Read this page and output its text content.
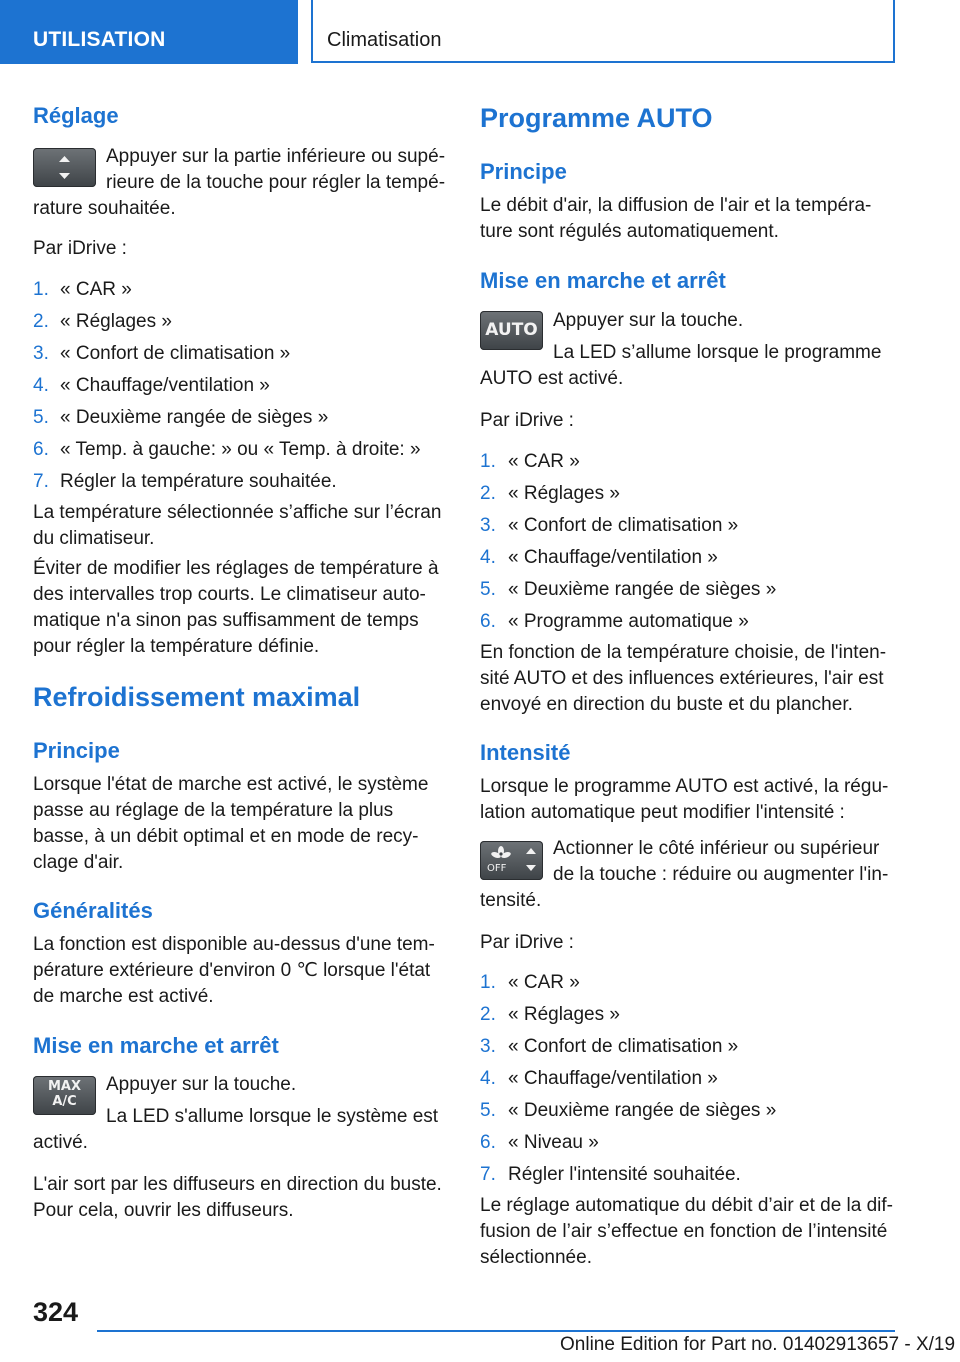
UTILISATION	Climatisation
Réglage
Appuyer sur la partie inférieure ou supé-
rieure de la touche pour régler la tempé-
rature souhaitée.
Par iDrive :
1. « CAR »
2. « Réglages »
3. « Confort de climatisation »
4. « Chauffage/ventilation »
5. « Deuxième rangée de sièges »
6. « Temp. à gauche: » ou « Temp. à droite: »
7. Régler la température souhaitée.
La température sélectionnée s’affiche sur l’écran
du climatiseur.
Éviter de modifier les réglages de température à
des intervalles trop courts. Le climatiseur auto-
matique n'a sinon pas suffisamment de temps
pour régler la température définie.
Refroidissement maximal
Principe
Lorsque l'état de marche est activé, le système
passe au réglage de la température la plus
basse, à un débit optimal et en mode de recy-
clage d'air.
Généralités
La fonction est disponible au-dessus d'une tem-
pérature extérieure d'environ 0 ℃ lorsque l'état
de marche est activé.
Mise en marche et arrêt
MAX
A/C
Appuyer sur la touche.
La LED s'allume lorsque le système est
activé.
L'air sort par les diffuseurs en direction du buste.
Pour cela, ouvrir les diffuseurs.
Programme AUTO
Principe
Le débit d'air, la diffusion de l'air et la tempéra-
ture sont régulés automatiquement.
Mise en marche et arrêt
AUTO Appuyer sur la touche.
La LED s’allume lorsque le programme
AUTO est activé.
Par iDrive :
1. « CAR »
2. « Réglages »
3. « Confort de climatisation »
4. « Chauffage/ventilation »
5. « Deuxième rangée de sièges »
6. « Programme automatique »
En fonction de la température choisie, de l'inten-
sité AUTO et des influences extérieures, l'air est
envoyé en direction du buste et du plancher.
Intensité
Lorsque le programme AUTO est activé, la régu-
lation automatique peut modifier l'intensité :
OFF
Actionner le côté inférieur ou supérieur
de la touche : réduire ou augmenter l'in-
tensité.
Par iDrive :
1. « CAR »
2. « Réglages »
3. « Confort de climatisation »
4. « Chauffage/ventilation »
5. « Deuxième rangée de sièges »
6. « Niveau »
7. Régler l'intensité souhaitée.
Le réglage automatique du débit d’air et de la dif-
fusion de l’air s’effectue en fonction de l’intensité
sélectionnée.
324
Online Edition for Part no. 01402913657 - X/19
